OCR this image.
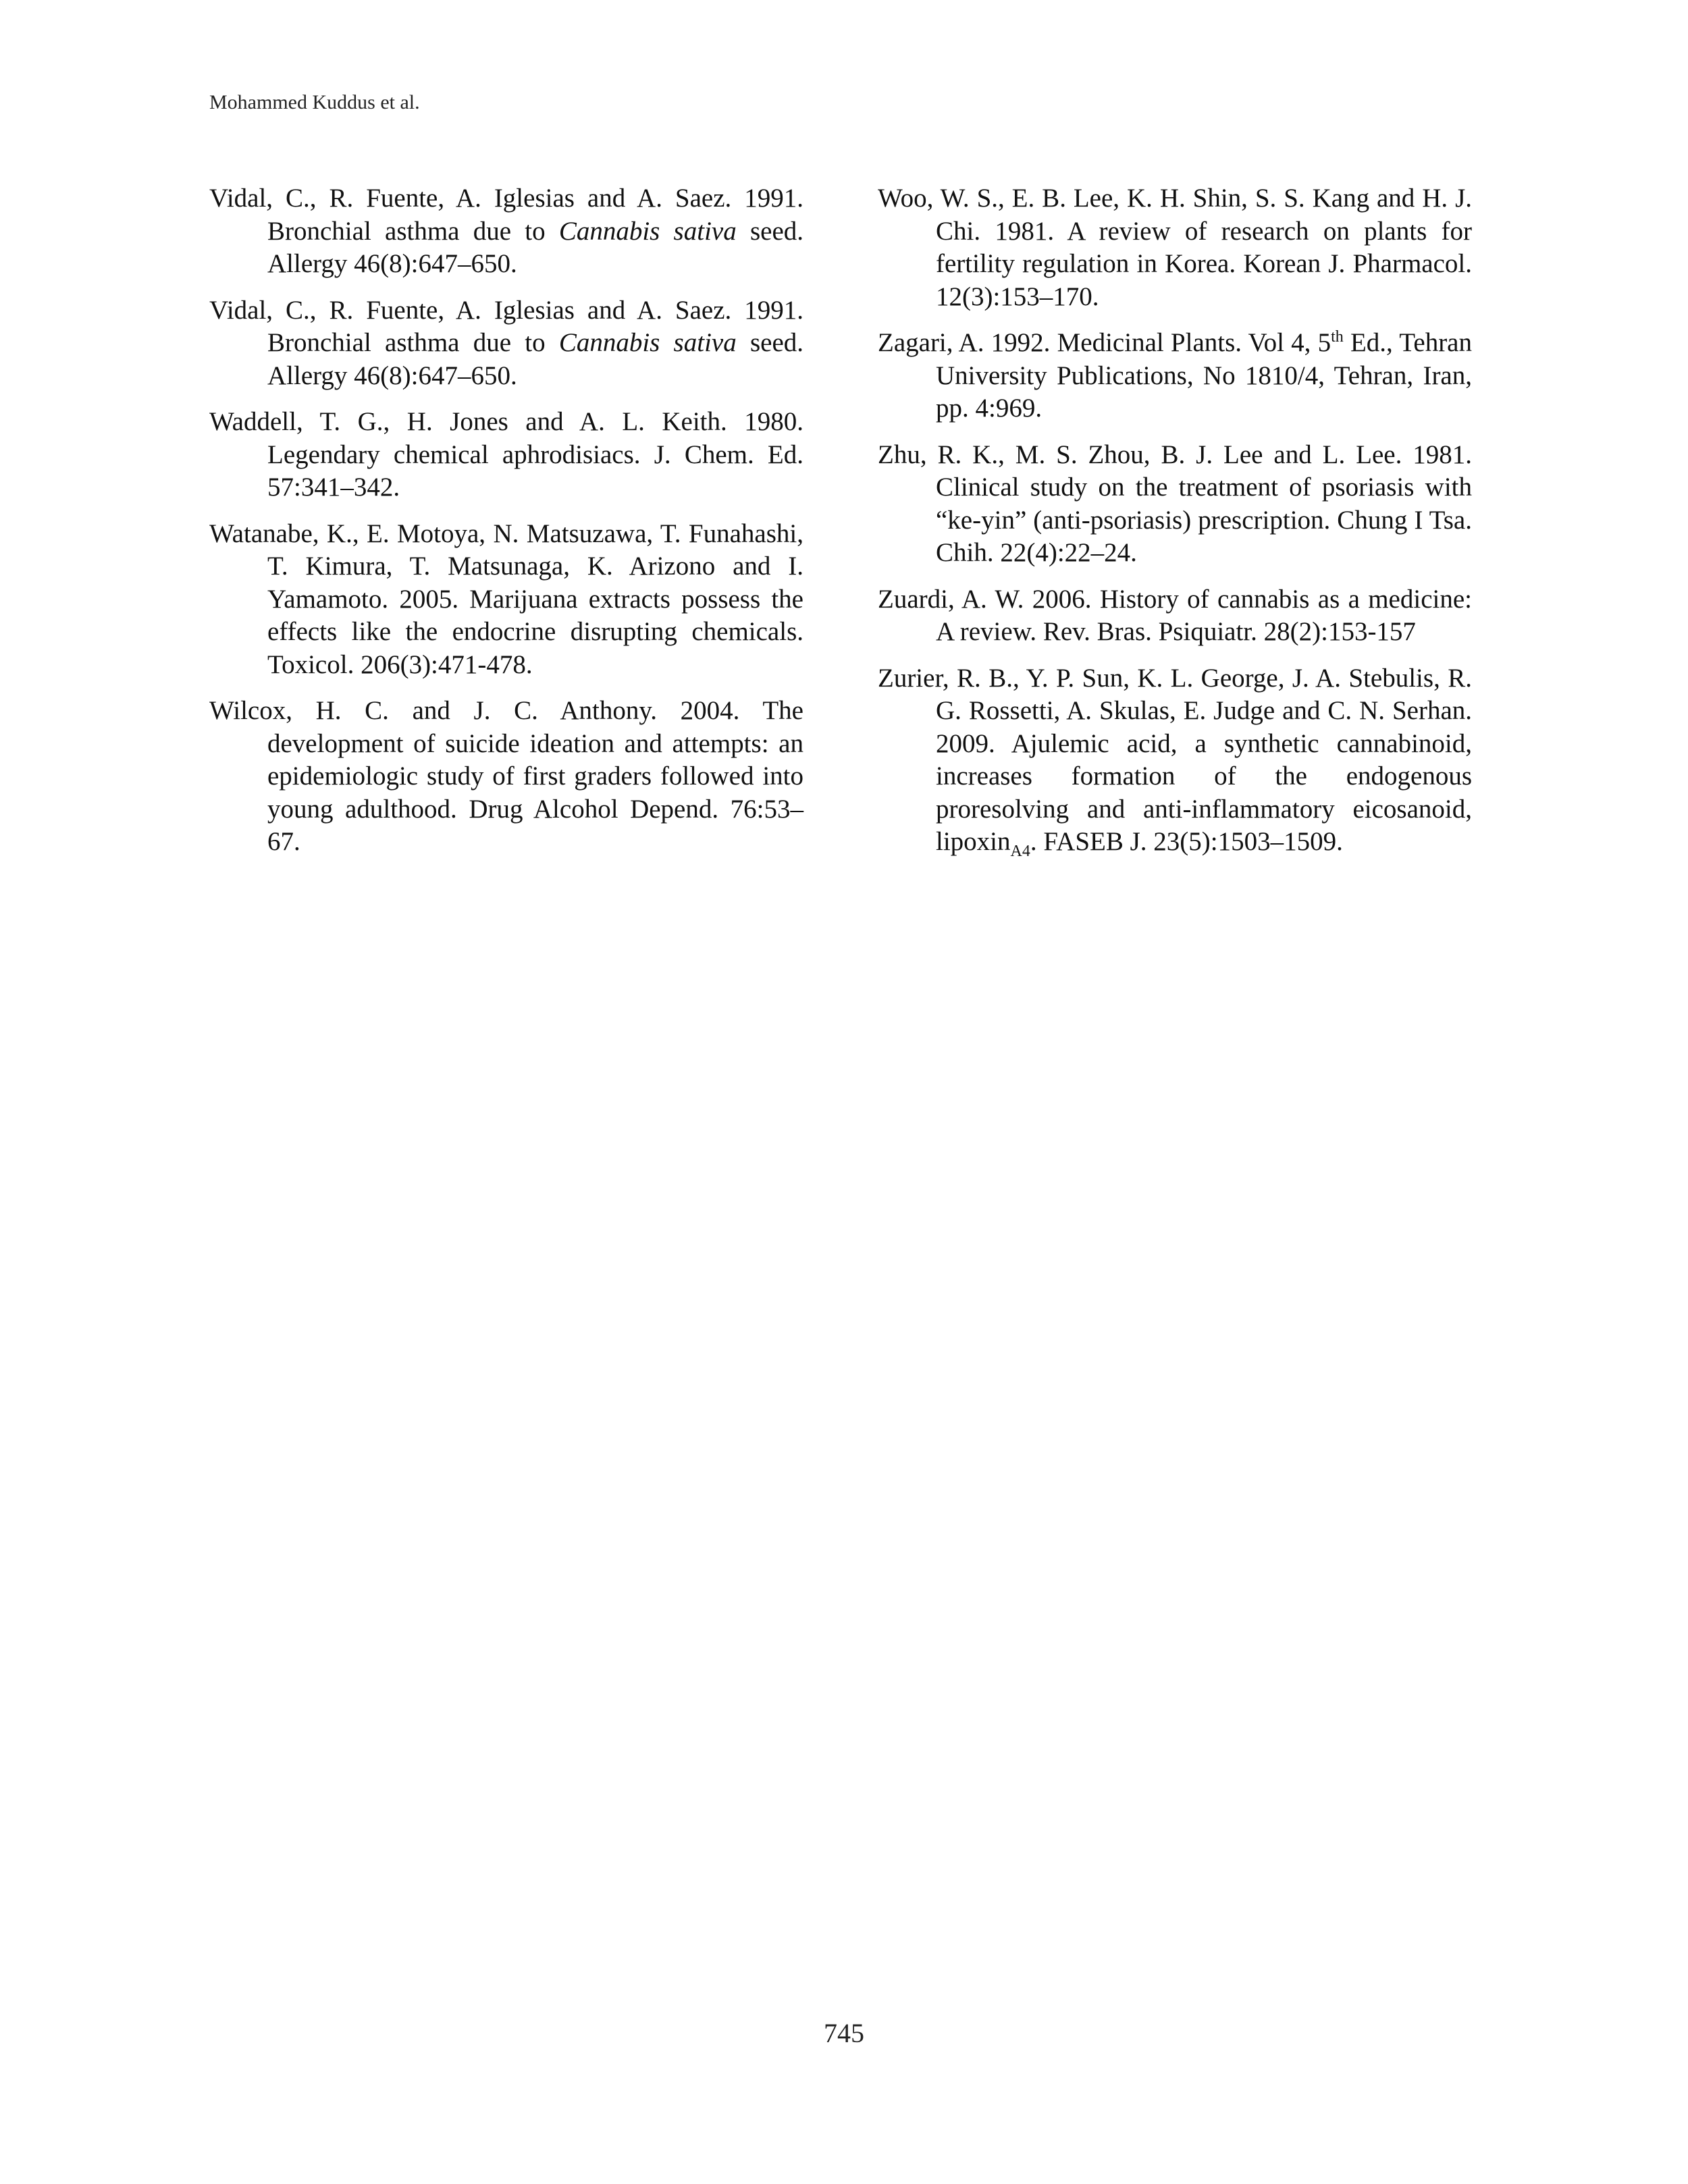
Mohammed Kuddus et al.

Vidal, C., R. Fuente, A. Iglesias and A. Saez. 1991. Bronchial asthma due to Cannabis sativa seed. Allergy 46(8):647–650.

Vidal, C., R. Fuente, A. Iglesias and A. Saez. 1991. Bronchial asthma due to Cannabis sativa seed. Allergy 46(8):647–650.

Waddell, T. G., H. Jones and A. L. Keith. 1980. Legendary chemical aphrodisiacs. J. Chem. Ed. 57:341–342.

Watanabe, K., E. Motoya, N. Matsuzawa, T. Funahashi, T. Kimura, T. Matsunaga, K. Arizono and I. Yamamoto. 2005. Marijuana extracts possess the effects like the endocrine disrupting chemicals. Toxicol. 206(3):471-478.

Wilcox, H. C. and J. C. Anthony. 2004. The development of suicide ideation and attempts: an epidemiologic study of first graders followed into young adulthood. Drug Alcohol Depend. 76:53–67.

Woo, W. S., E. B. Lee, K. H. Shin, S. S. Kang and H. J. Chi. 1981. A review of research on plants for fertility regulation in Korea. Korean J. Pharmacol. 12(3):153–170.

Zagari, A. 1992. Medicinal Plants. Vol 4, 5th Ed., Tehran University Publications, No 1810/4, Tehran, Iran, pp. 4:969.

Zhu, R. K., M. S. Zhou, B. J. Lee and L. Lee. 1981. Clinical study on the treatment of psoriasis with “ke-yin” (anti-psoriasis) prescription. Chung I Tsa. Chih. 22(4):22–24.

Zuardi, A. W. 2006. History of cannabis as a medicine: A review. Rev. Bras. Psiquiatr. 28(2):153-157

Zurier, R. B., Y. P. Sun, K. L. George, J. A. Stebulis, R. G. Rossetti, A. Skulas, E. Judge and C. N. Serhan. 2009. Ajulemic acid, a synthetic cannabinoid, increases formation of the endogenous proresolving and anti-inflammatory eicosanoid, lipoxin$_{A4}$. FASEB J. 23(5):1503–1509.

745
